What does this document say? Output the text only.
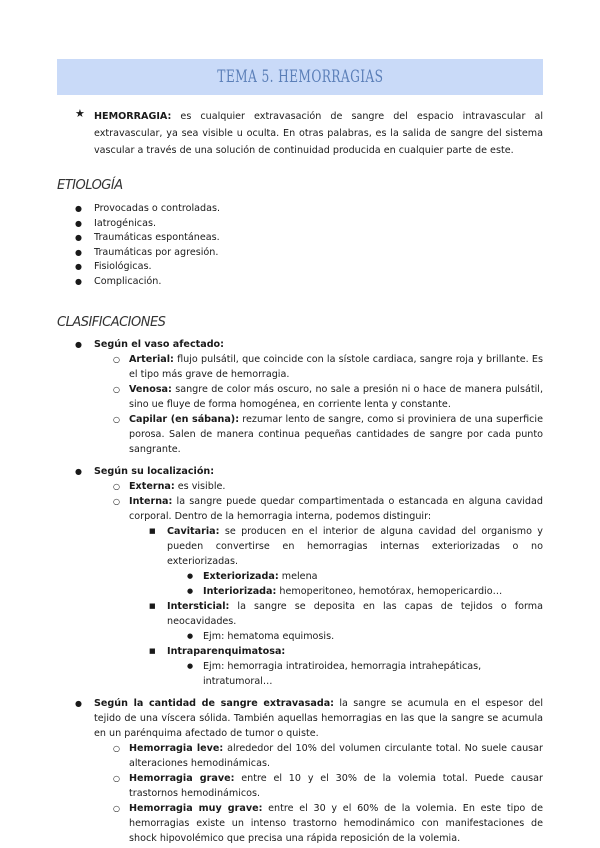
TEMA 5. HEMORRAGIAS
★ HEMORRAGIA: es cualquier extravasación de sangre del espacio intravascular al extravascular, ya sea visible u oculta. En otras palabras, es la salida de sangre del sistema vascular a través de una solución de continuidad producida en cualquier parte de este.
ETIOLOGÍA
● Provocadas o controladas.
● Iatrogénicas.
● Traumáticas espontáneas.
● Traumáticas por agresión.
● Fisiológicas.
● Complicación.
CLASIFICACIONES
● Según el vaso afectado:
○ Arterial: flujo pulsátil, que coincide con la sístole cardiaca, sangre roja y brillante. Es el tipo más grave de hemorragia.
○ Venosa: sangre de color más oscuro, no sale a presión ni o hace de manera pulsátil, sino ue fluye de forma homogénea, en corriente lenta y constante.
○ Capilar (en sábana): rezumar lento de sangre, como si proviniera de una superficie porosa. Salen de manera continua pequeñas cantidades de sangre por cada punto sangrante.
● Según su localización:
○ Externa: es visible.
○ Interna: la sangre puede quedar compartimentada o estancada en alguna cavidad corporal. Dentro de la hemorragia interna, podemos distinguir:
■ Cavitaria: se producen en el interior de alguna cavidad del organismo y pueden convertirse en hemorragias internas exteriorizadas o no exteriorizadas.
● Exteriorizada: melena
● Interiorizada: hemoperitoneo, hemotórax, hemopericardio…
■ Intersticial: la sangre se deposita en las capas de tejidos o forma neocavidades.
● Ejm: hematoma equimosis.
■ Intraparenquimatosa:
● Ejm: hemorragia intratiroidea, hemorragia intrahepáticas, intratumoral…
● Según la cantidad de sangre extravasada: la sangre se acumula en el espesor del tejido de una víscera sólida. También aquellas hemorragias en las que la sangre se acumula en un parénquima afectado de tumor o quiste.
○ Hemorragia leve: alrededor del 10% del volumen circulante total. No suele causar alteraciones hemodinámicas.
○ Hemorragia grave: entre el 10 y el 30% de la volemia total. Puede causar trastornos hemodinámicos.
○ Hemorragia muy grave: entre el 30 y el 60% de la volemia. En este tipo de hemorragias existe un intenso trastorno hemodinámico con manifestaciones de shock hipovolémico que precisa una rápida reposición de la volemia.
